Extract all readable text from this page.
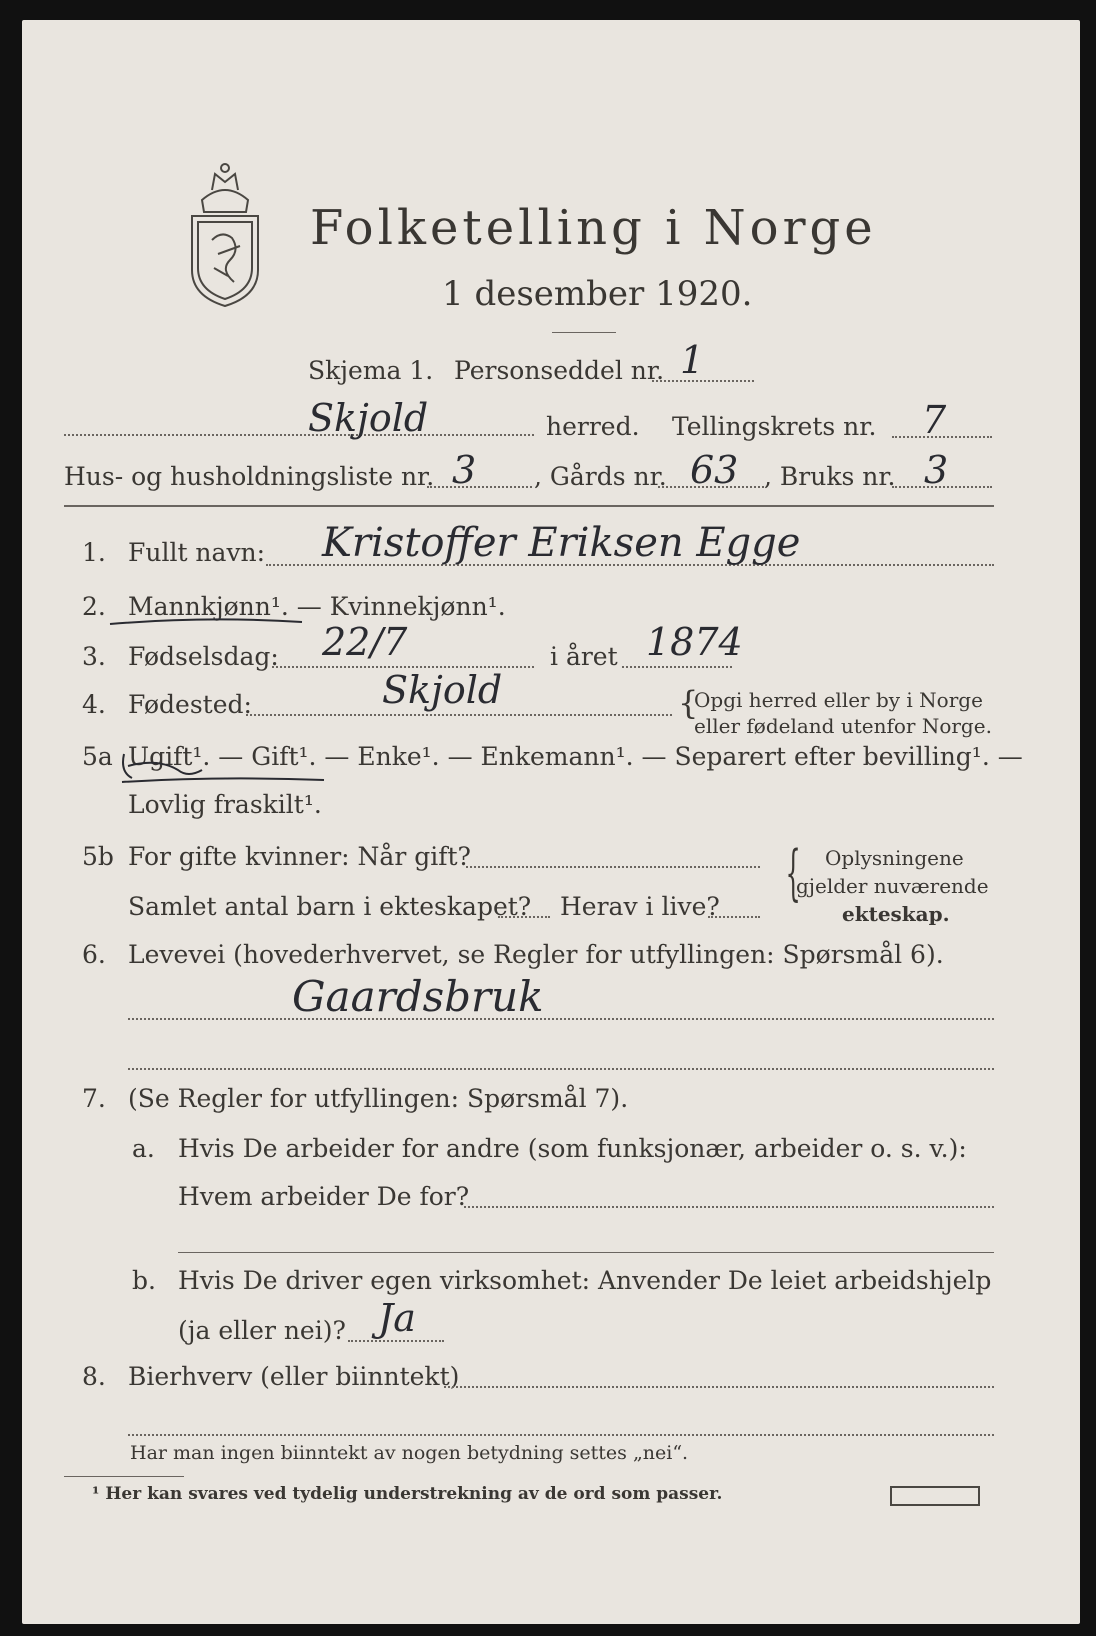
Folketelling i Norge
1 desember 1920.
Skjema 1. Personseddel nr. 1
Skjold	herred. Tellingskrets nr. 7
Hus- og husholdningsliste nr. 3 , Gårds nr. 63 , Bruks nr. 3
1. Fullt navn: Kristoffer Eriksen Egge
2. Mannkjønn¹. — Kvinnekjønn¹.
3. Fødselsdag: 22/7	i året 1874
4. Fødested:	Skjold	{
Opgi herred eller by i Norge
eller fødeland utenfor Norge.
5a Ugift¹. — Gift¹. — Enke¹. — Enkemann¹. — Separert efter bevilling¹. —
Lovlig fraskilt¹.
5b For gifte kvinner: Når gift?
Samlet antal barn i ekteskapet? Herav i live? { Oplysningene
gjelder nuværende
ekteskap.
6. Levevei (hovederhvervet, se Regler for utfyllingen: Spørsmål 6).
Gaardsbruk
7. (Se Regler for utfyllingen: Spørsmål 7).
a. Hvis De arbeider for andre (som funksjonær, arbeider o. s. v.):
Hvem arbeider De for?
b. Hvis De driver egen virksomhet: Anvender De leiet arbeidshjelp
(ja eller nei)? Ja
8. Bierhverv (eller biinntekt)
Har man ingen biinntekt av nogen betydning settes „nei“.
¹ Her kan svares ved tydelig understrekning av de ord som passer.
